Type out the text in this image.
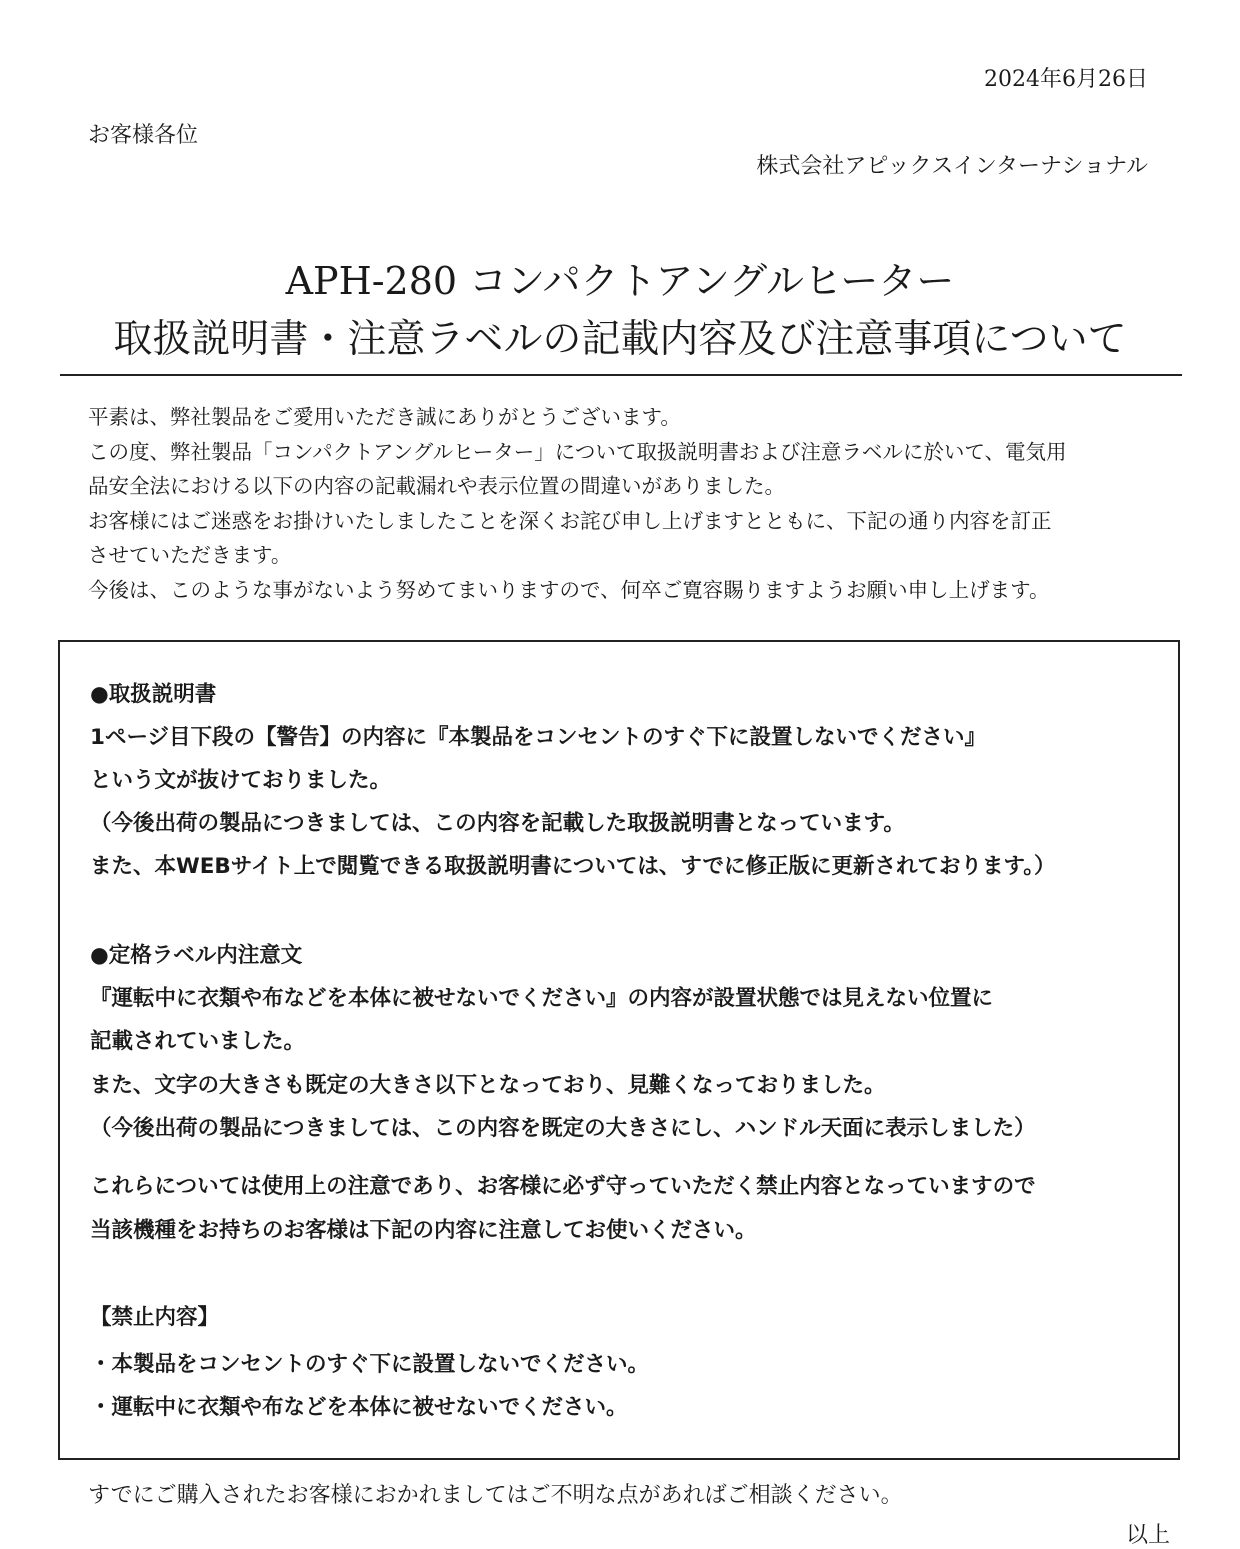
2024年6月26日
お客様各位
株式会社アピックスインターナショナル
APH-280 コンパクトアングルヒーター
取扱説明書・注意ラベルの記載内容及び注意事項について

平素は、弊社製品をご愛用いただき誠にありがとうございます。

この度、弊社製品「コンパクトアングルヒーター」について取扱説明書および注意ラベルに於いて、電気用

品安全法における以下の内容の記載漏れや表示位置の間違いがありました。

お客様にはご迷惑をお掛けいたしましたことを深くお詫び申し上げますとともに、下記の通り内容を訂正

させていただきます。

今後は、このような事がないよう努めてまいりますので、何卒ご寛容賜りますようお願い申し上げます。

●取扱説明書
1ページ目下段の【警告】の内容に『本製品をコンセントのすぐ下に設置しないでください』
という文が抜けておりました。
（今後出荷の製品につきましては、この内容を記載した取扱説明書となっています。
また、本WEBサイト上で閲覧できる取扱説明書については、すでに修正版に更新されております。）
●定格ラベル内注意文
『運転中に衣類や布などを本体に被せないでください』の内容が設置状態では見えない位置に
記載されていました。
また、文字の大きさも既定の大きさ以下となっており、見難くなっておりました。
（今後出荷の製品につきましては、この内容を既定の大きさにし、ハンドル天面に表示しました）
これらについては使用上の注意であり、お客様に必ず守っていただく禁止内容となっていますので
当該機種をお持ちのお客様は下記の内容に注意してお使いください。
【禁止内容】
・本製品をコンセントのすぐ下に設置しないでください。
・運転中に衣類や布などを本体に被せないでください。
すでにご購入されたお客様におかれましてはご不明な点があればご相談ください。
以上
